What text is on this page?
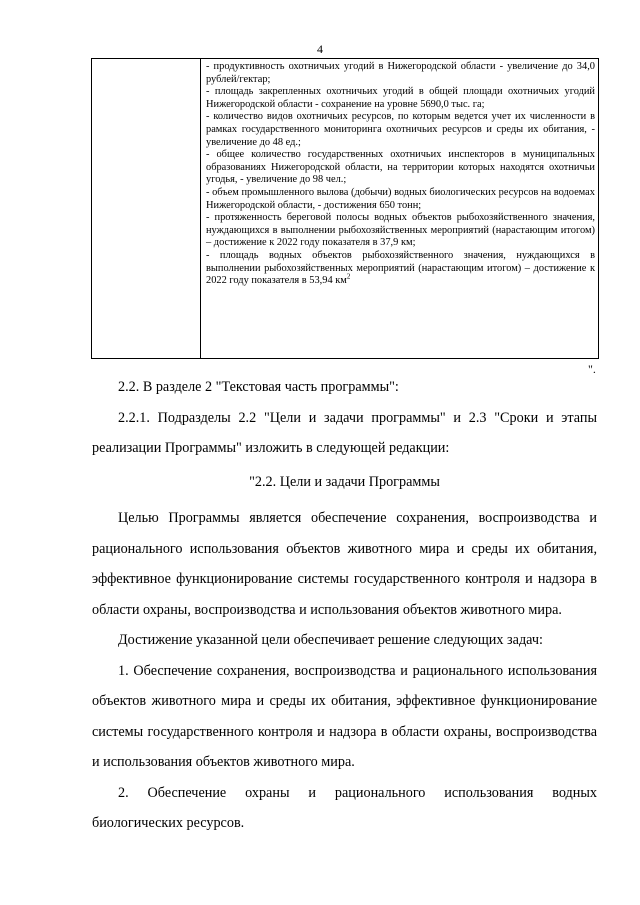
4

- продуктивность охотничьих угодий в Нижегородской области - увеличение до 34,0 рублей/гектар;

- площадь закрепленных охотничьих угодий в общей площади охотничьих угодий Нижегородской области - сохранение на уровне 5690,0 тыс. га;

- количество видов охотничьих ресурсов, по которым ведется учет их численности в рамках государственного мониторинга охотничьих ресурсов и среды их обитания, - увеличение до 48 ед.;

- общее количество государственных охотничьих инспекторов в муниципальных образованиях Нижегородской области, на территории которых находятся охотничьи угодья, - увеличение до 98 чел.;

- объем промышленного вылова (добычи) водных биологических ресурсов на водоемах Нижегородской области, - достижения 650 тонн;

- протяженность береговой полосы водных объектов рыбохозяйственного значения, нуждающихся в выполнении рыбохозяйственных мероприятий (нарастающим итогом) – достижение к 2022 году показателя в 37,9 км;

- площадь водных объектов рыбохозяйственного значения, нуждающихся в выполнении рыбохозяйственных мероприятий (нарастающим итогом) – достижение к 2022 году показателя в 53,94 $км^2$

".

2.2. В разделе 2 "Текстовая часть программы":

2.2.1. Подразделы 2.2 "Цели и задачи программы" и 2.3 "Сроки и этапы реализации Программы" изложить в следующей редакции:

"2.2. Цели и задачи Программы

Целью Программы является обеспечение сохранения, воспроизводства и рационального использования объектов животного мира и среды их обитания, эффективное функционирование системы государственного контроля и надзора в области охраны, воспроизводства и использования объектов животного мира.

Достижение указанной цели обеспечивает решение следующих задач:

1. Обеспечение сохранения, воспроизводства и рационального использования объектов животного мира и среды их обитания, эффективное функционирование системы государственного контроля и надзора в области охраны, воспроизводства и использования объектов животного мира.

2. Обеспечение охраны и рационального использования водных биологических ресурсов.
